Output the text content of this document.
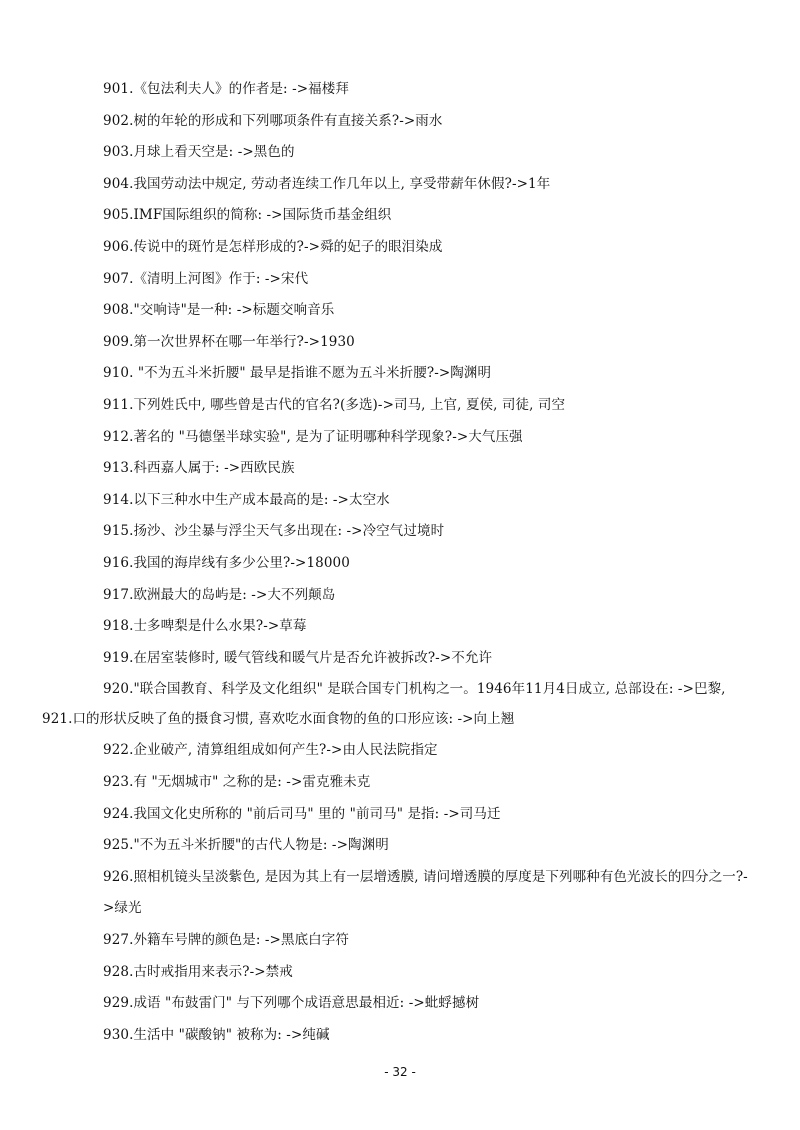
901.《包法利夫人》的作者是: ->福楼拜
902.树的年轮的形成和下列哪项条件有直接关系?->雨水
903.月球上看天空是: ->黑色的
904.我国劳动法中规定, 劳动者连续工作几年以上, 享受带薪年休假?->1年
905.IMF国际组织的简称: ->国际货币基金组织
906.传说中的斑竹是怎样形成的?->舜的妃子的眼泪染成
907.《清明上河图》作于: ->宋代
908."交响诗"是一种: ->标题交响音乐
909.第一次世界杯在哪一年举行?->1930
910. "不为五斗米折腰" 最早是指谁不愿为五斗米折腰?->陶渊明
911.下列姓氏中, 哪些曾是古代的官名?(多选)->司马, 上官, 夏侯, 司徒, 司空
912.著名的 "马德堡半球实验", 是为了证明哪种科学现象?->大气压强
913.科西嘉人属于: ->西欧民族
914.以下三种水中生产成本最高的是: ->太空水
915.扬沙、沙尘暴与浮尘天气多出现在: ->冷空气过境时
916.我国的海岸线有多少公里?->18000
917.欧洲最大的岛屿是: ->大不列颠岛
918.士多啤梨是什么水果?->草莓
919.在居室装修时, 暖气管线和暖气片是否允许被拆改?->不允许
920."联合国教育、科学及文化组织" 是联合国专门机构之一。1946年11月4日成立, 总部设在: ->巴黎,
921.口的形状反映了鱼的摄食习惯, 喜欢吃水面食物的鱼的口形应该: ->向上翘
922.企业破产, 清算组组成如何产生?->由人民法院指定
923.有 "无烟城市" 之称的是: ->雷克雅未克
924.我国文化史所称的 "前后司马" 里的 "前司马" 是指: ->司马迁
925."不为五斗米折腰"的古代人物是: ->陶渊明
926.照相机镜头呈淡紫色, 是因为其上有一层增透膜, 请问增透膜的厚度是下列哪种有色光波长的四分之一?->绿光
927.外籍车号牌的颜色是: ->黑底白字符
928.古时戒指用来表示?->禁戒
929.成语 "布鼓雷门" 与下列哪个成语意思最相近: ->蚍蜉撼树
930.生活中 "碳酸钠" 被称为: ->纯碱
- 32 -
